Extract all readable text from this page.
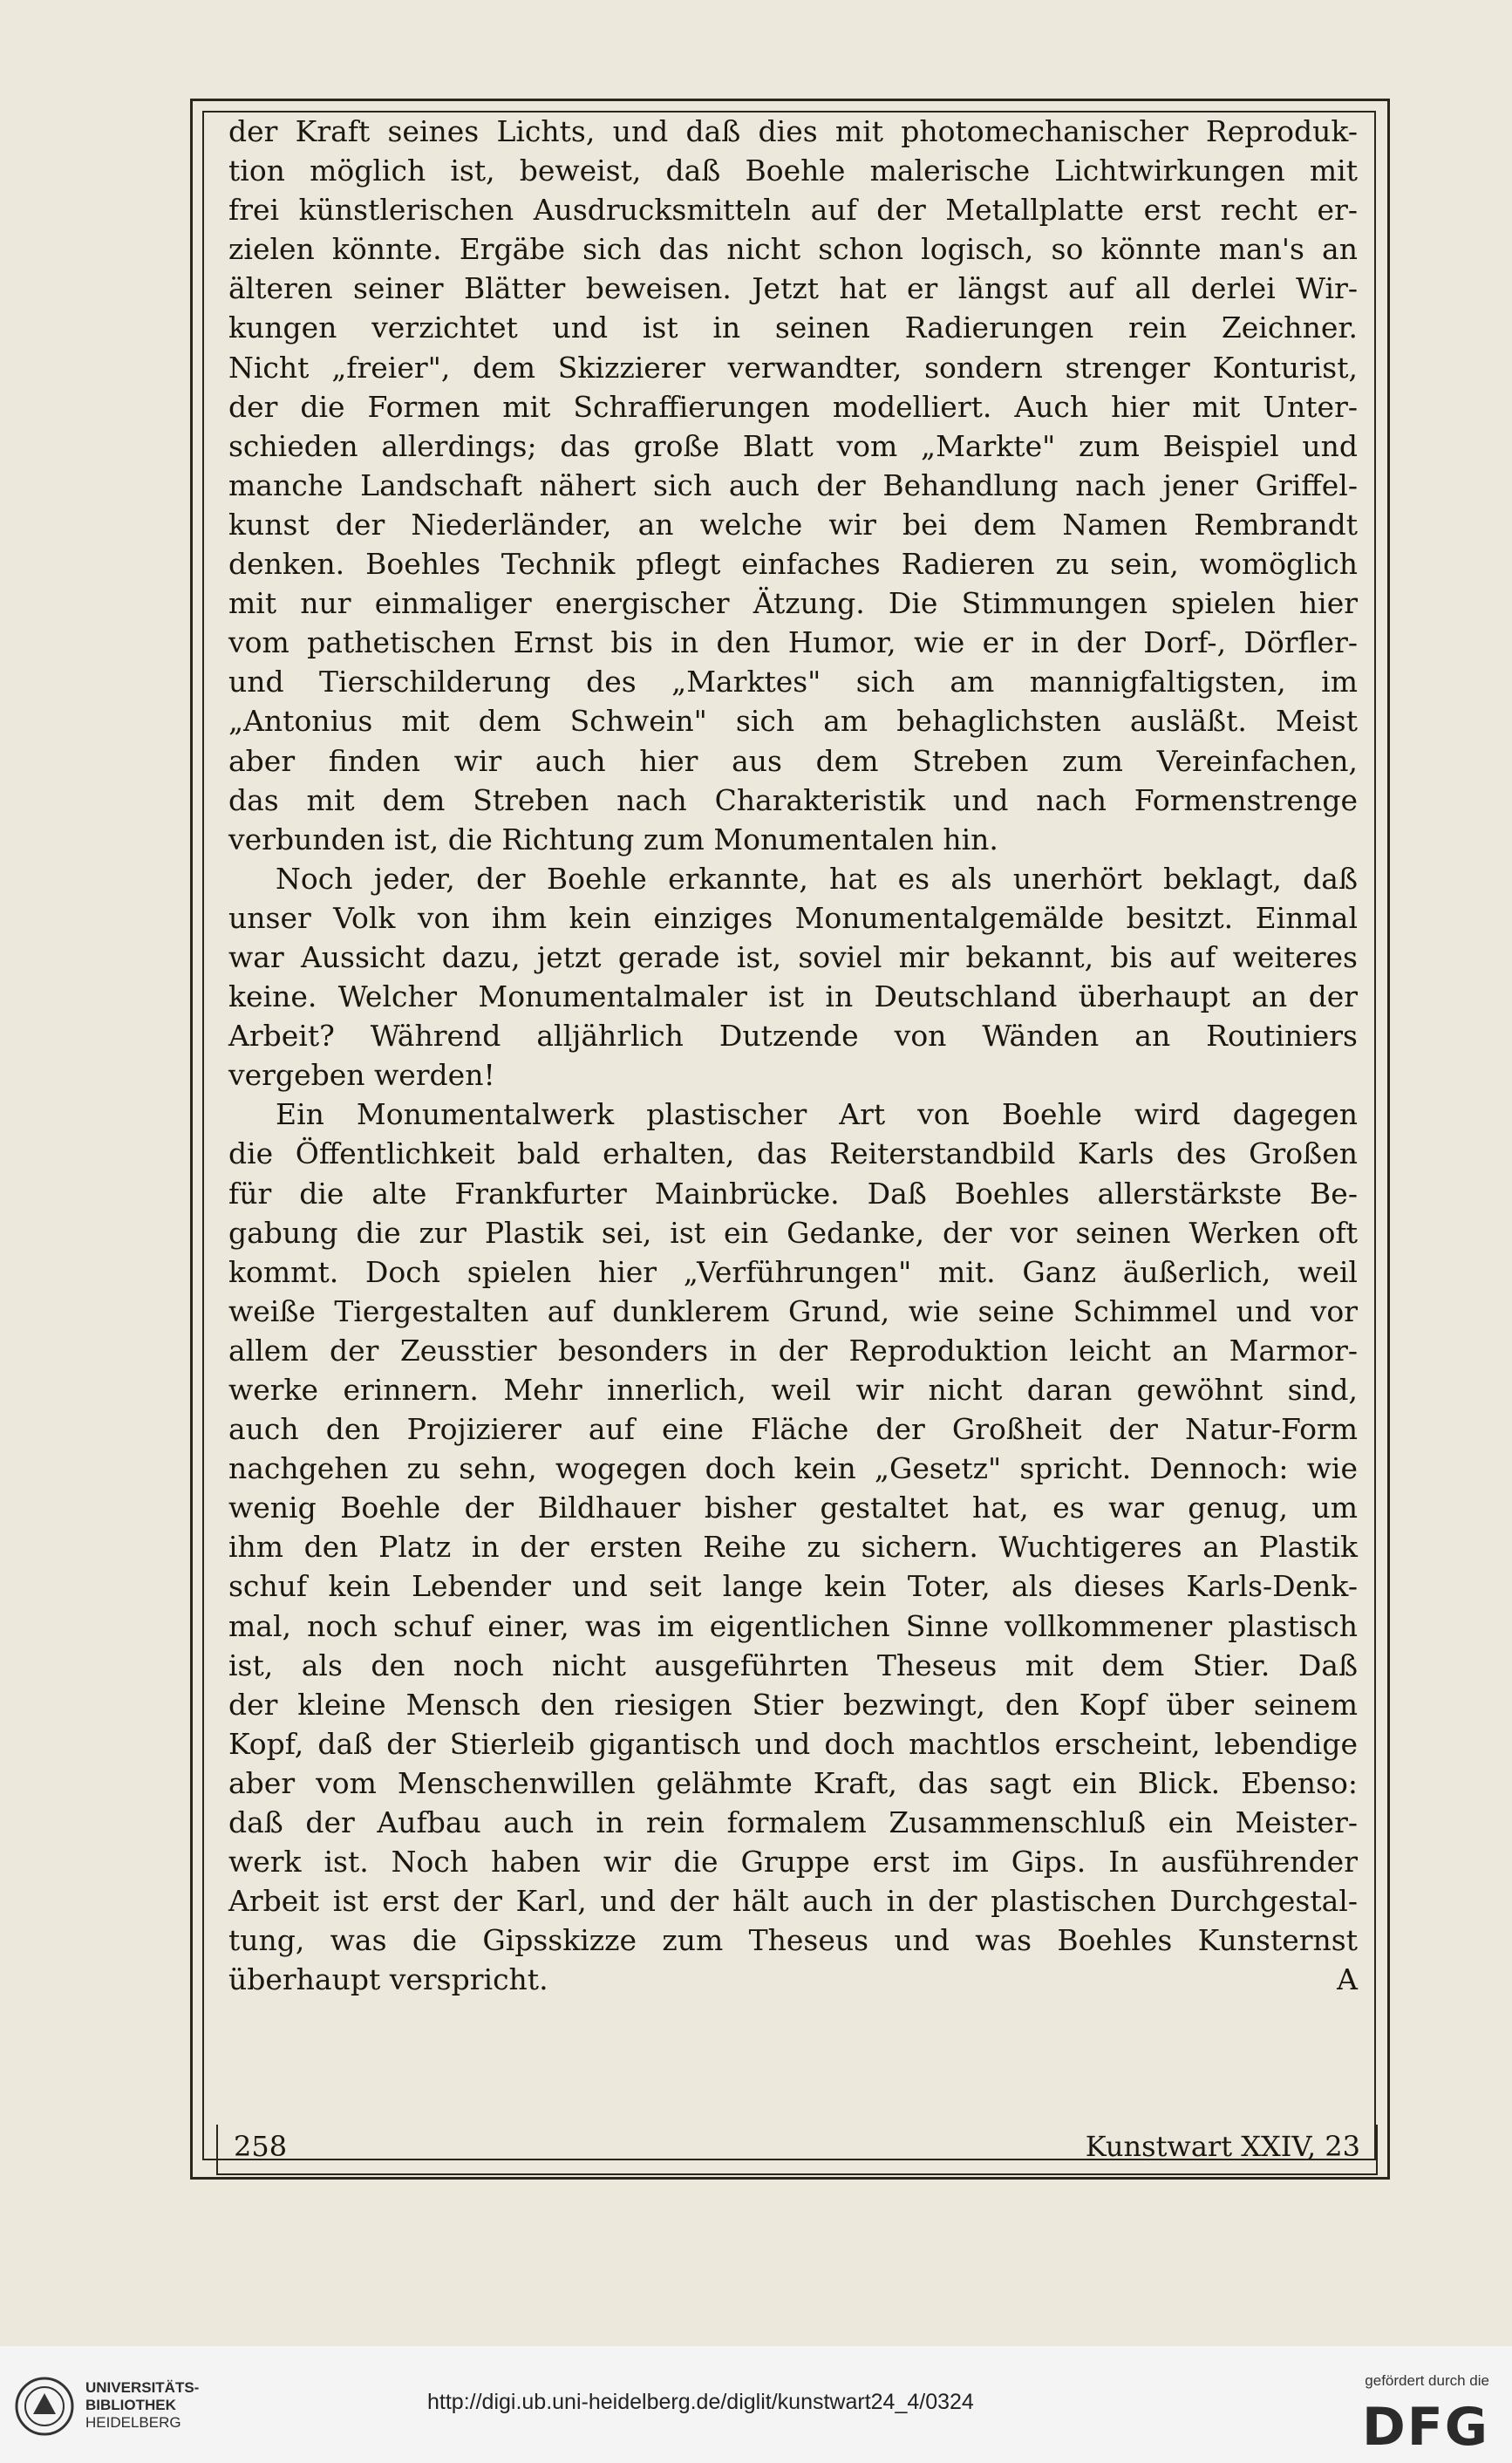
der Kraft seines Lichts, und daß dies mit photomechanischer Reproduk-
tion möglich ist, beweist, daß Boehle malerische Lichtwirkungen mit
frei künstlerischen Ausdrucksmitteln auf der Metallplatte erst recht er-
zielen könnte. Ergäbe sich das nicht schon logisch, so könnte man's an
älteren seiner Blätter beweisen. Jetzt hat er längst auf all derlei Wir-
kungen verzichtet und ist in seinen Radierungen rein Zeichner.
Nicht „freier", dem Skizzierer verwandter, sondern strenger Konturist,
der die Formen mit Schraffierungen modelliert. Auch hier mit Unter-
schieden allerdings; das große Blatt vom „Markte" zum Beispiel und
manche Landschaft nähert sich auch der Behandlung nach jener Griffel-
kunst der Niederländer, an welche wir bei dem Namen Rembrandt
denken. Boehles Technik pflegt einfaches Radieren zu sein, womöglich
mit nur einmaliger energischer Ätzung. Die Stimmungen spielen hier
vom pathetischen Ernst bis in den Humor, wie er in der Dorf-, Dörfler-
und Tierschilderung des „Marktes" sich am mannigfaltigsten, im
„Antonius mit dem Schwein" sich am behaglichsten ausläßt. Meist
aber finden wir auch hier aus dem Streben zum Vereinfachen,
das mit dem Streben nach Charakteristik und nach Formenstrenge
verbunden ist, die Richtung zum Monumentalen hin.
Noch jeder, der Boehle erkannte, hat es als unerhört beklagt, daß
unser Volk von ihm kein einziges Monumentalgemälde besitzt. Einmal
war Aussicht dazu, jetzt gerade ist, soviel mir bekannt, bis auf weiteres
keine. Welcher Monumentalmaler ist in Deutschland überhaupt an der
Arbeit? Während alljährlich Dutzende von Wänden an Routiniers
vergeben werden!
Ein Monumentalwerk plastischer Art von Boehle wird dagegen
die Öffentlichkeit bald erhalten, das Reiterstandbild Karls des Großen
für die alte Frankfurter Mainbrücke. Daß Boehles allerstärkste Be-
gabung die zur Plastik sei, ist ein Gedanke, der vor seinen Werken oft
kommt. Doch spielen hier „Verführungen" mit. Ganz äußerlich, weil
weiße Tiergestalten auf dunklerem Grund, wie seine Schimmel und vor
allem der Zeusstier besonders in der Reproduktion leicht an Marmor-
werke erinnern. Mehr innerlich, weil wir nicht daran gewöhnt sind,
auch den Projizierer auf eine Fläche der Großheit der Natur-Form
nachgehen zu sehn, wogegen doch kein „Gesetz" spricht. Dennoch: wie
wenig Boehle der Bildhauer bisher gestaltet hat, es war genug, um
ihm den Platz in der ersten Reihe zu sichern. Wuchtigeres an Plastik
schuf kein Lebender und seit lange kein Toter, als dieses Karls-Denk-
mal, noch schuf einer, was im eigentlichen Sinne vollkommener plastisch
ist, als den noch nicht ausgeführten Theseus mit dem Stier. Daß
der kleine Mensch den riesigen Stier bezwingt, den Kopf über seinem
Kopf, daß der Stierleib gigantisch und doch machtlos erscheint, lebendige
aber vom Menschenwillen gelähmte Kraft, das sagt ein Blick. Ebenso:
daß der Aufbau auch in rein formalem Zusammenschluß ein Meister-
werk ist. Noch haben wir die Gruppe erst im Gips. In ausführender
Arbeit ist erst der Karl, und der hält auch in der plastischen Durchgestal-
tung, was die Gipsskizze zum Theseus und was Boehles Kunsternst
überhaupt verspricht.	A
258	Kunstwart XXIV, 23
UNIVERSITÄTS-
BIBLIOTHEK
HEIDELBERG
http://digi.ub.uni-heidelberg.de/diglit/kunstwart24_4/0324
gefördert durch die
DFG
